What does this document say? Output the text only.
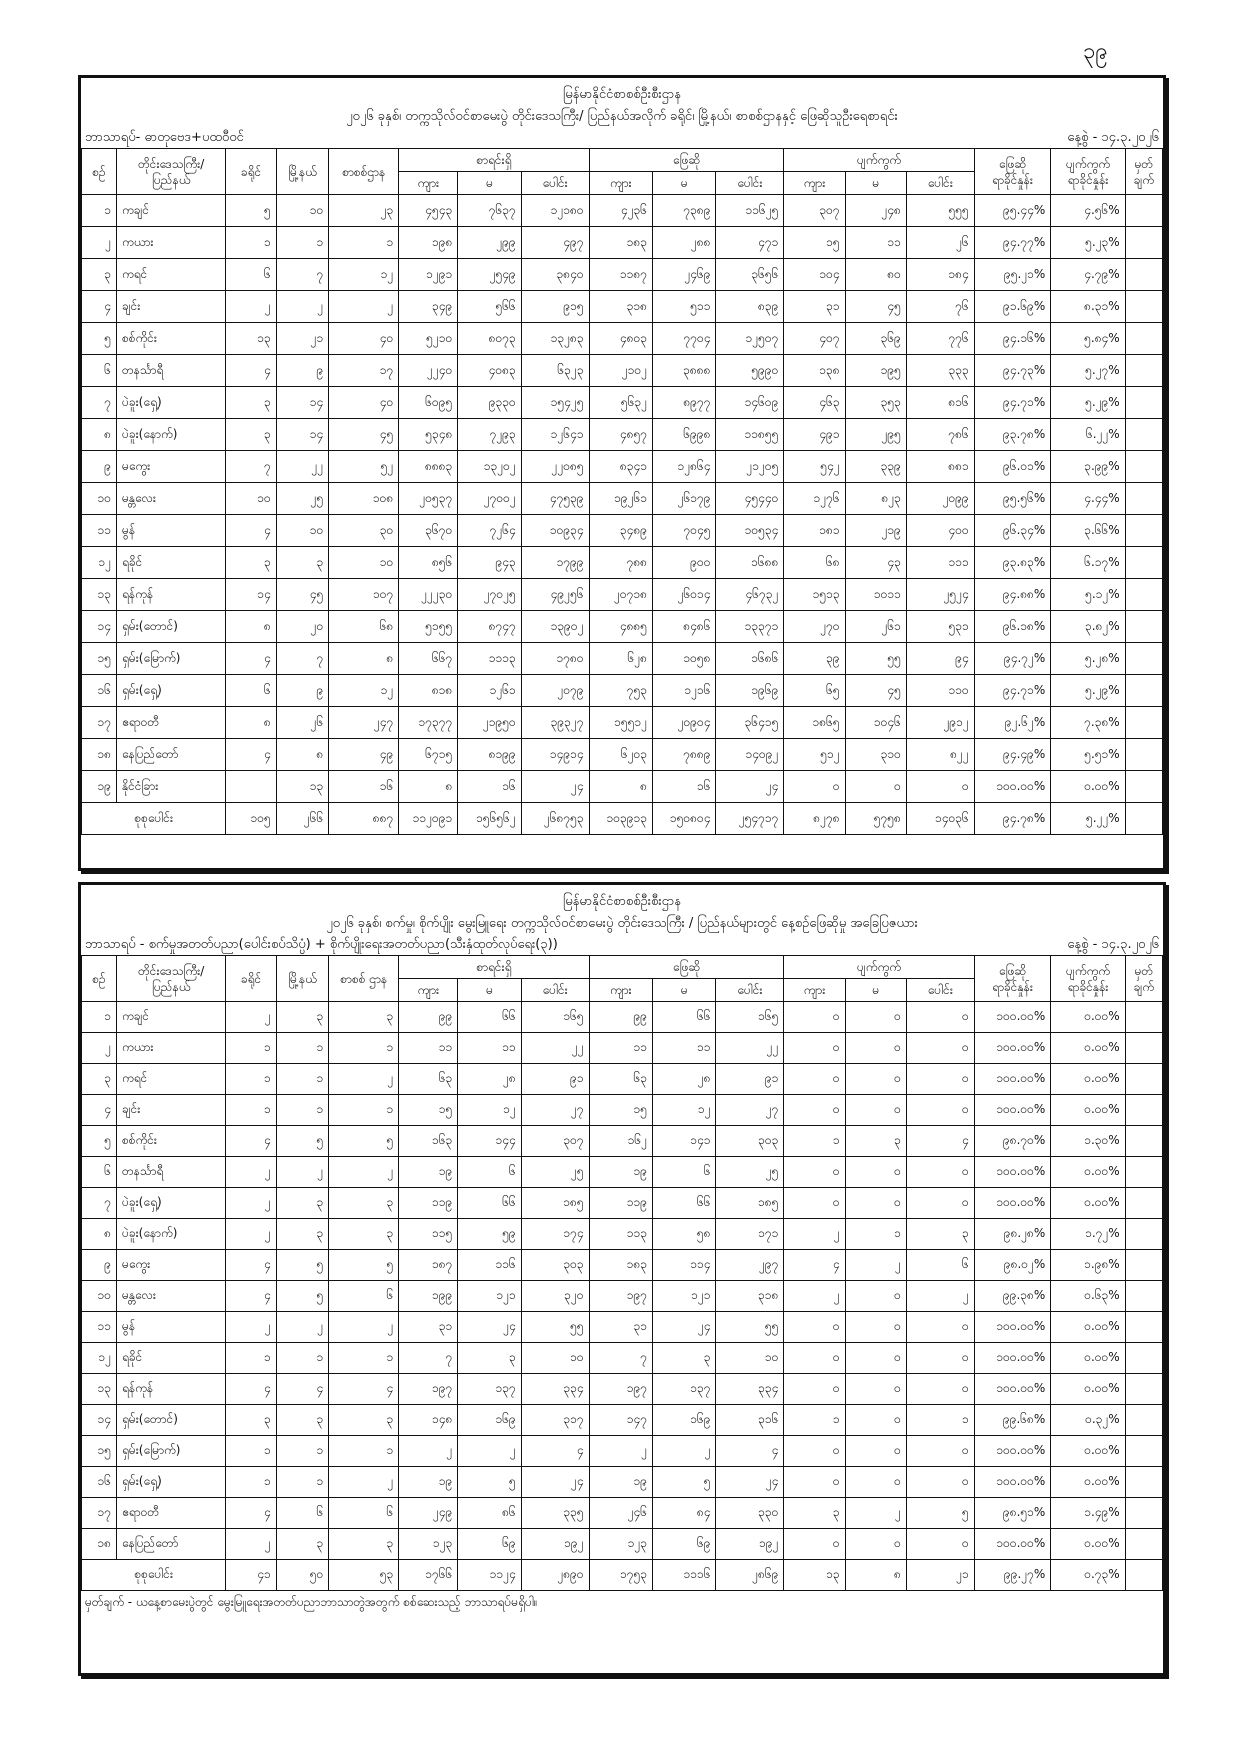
၃၉
မြန်မာနိုင်ငံစာစစ်ဦးစီးဌာန
၂၀၂၆ ခုနှစ်၊ တက္ကသိုလ်ဝင်စာမေးပွဲ တိုင်းဒေသကြီး/ ပြည်နယ်အလိုက် ခရိုင်၊ မြို့နယ်၊ စာစစ်ဌာနနှင့် ဖြေဆိုသူဦးရေစာရင်း
ဘာသာရပ်- ဓာတုဗေဒ+ပထဝီဝင်	နေ့စွဲ - ၁၄.၃.၂၀၂၆
စဉ်	တိုင်းဒေသကြီး/ ပြည်နယ်	ခရိုင်	မြို့နယ်	စာစစ်ဌာန	စာရင်းရှိ			ဖြေဆို			ပျက်ကွက်			ဖြေဆို ရာခိုင်နှုန်း	ပျက်ကွက် ရာခိုင်နှုန်း	မှတ် ချက်
					ကျား	မ	ပေါင်း	ကျား	မ	ပေါင်း	ကျား	မ	ပေါင်း			
၁	ကချင်	၅	၁၀	၂၃	၄၅၄၃	၇၆၃၇	၁၂၁၈၀	၄၂၃၆	၇၃၈၉	၁၁၆၂၅	၃၀၇	၂၄၈	၅၅၅	၉၅.၄၄%	၄.၅၆%	
၂	ကယား	၁	၁	၁	၁၉၈	၂၉၉	၄၉၇	၁၈၃	၂၈၈	၄၇၁	၁၅	၁၁	၂၆	၉၄.၇၇%	၅.၂၃%	
၃	ကရင်	၆	၇	၁၂	၁၂၉၁	၂၅၄၉	၃၈၄၀	၁၁၈၇	၂၄၆၉	၃၆၅၆	၁၀၄	၈၀	၁၈၄	၉၅.၂၁%	၄.၇၉%	
၄	ချင်း	၂	၂	၂	၃၄၉	၅၆၆	၉၁၅	၃၁၈	၅၁၁	၈၃၉	၃၁	၄၅	၇၆	၉၁.၆၉%	၈.၃၁%	
၅	စစ်ကိုင်း	၁၃	၂၁	၄၀	၅၂၁၀	၈၀၇၃	၁၃၂၈၃	၄၈၀၃	၇၇၀၄	၁၂၅၀၇	၄၀၇	၃၆၉	၇၇၆	၉၄.၁၆%	၅.၈၄%	
၆	တနင်္သာရီ	၄	၉	၁၇	၂၂၄၀	၄၀၈၃	၆၃၂၃	၂၁၀၂	၃၈၈၈	၅၉၉၀	၁၃၈	၁၉၅	၃၃၃	၉၄.၇၃%	၅.၂၇%	
၇	ပဲခူး(ရှေ့)	၃	၁၄	၄၀	၆၀၉၅	၉၃၃၀	၁၅၄၂၅	၅၆၃၂	၈၉၇၇	၁၄၆၀၉	၄၆၃	၃၅၃	၈၁၆	၉၄.၇၁%	၅.၂၉%	
၈	ပဲခူး(နောက်)	၃	၁၄	၄၅	၅၃၄၈	၇၂၉၃	၁၂၆၄၁	၄၈၅၇	၆၉၉၈	၁၁၈၅၅	၄၉၁	၂၉၅	၇၈၆	၉၃.၇၈%	၆.၂၂%	
၉	မကွေး	၇	၂၂	၅၂	၈၈၈၃	၁၃၂၀၂	၂၂၀၈၅	၈၃၄၁	၁၂၈၆၄	၂၁၂၀၅	၅၄၂	၃၃၉	၈၈၁	၉၆.၀၁%	၃.၉၉%	
၁၀	မန္တလေး	၁၀	၂၅	၁၀၈	၂၀၅၃၇	၂၇၀၀၂	၄၇၅၃၉	၁၉၂၆၁	၂၆၁၇၉	၄၅၄၄၀	၁၂၇၆	၈၂၃	၂၀၉၉	၉၅.၅၆%	၄.၄၄%	
၁၁	မွန်	၄	၁၀	၃၀	၃၆၇၀	၇၂၆၄	၁၀၉၃၄	၃၄၈၉	၇၀၄၅	၁၀၅၃၄	၁၈၁	၂၁၉	၄၀၀	၉၆.၃၄%	၃.၆၆%	
၁၂	ရခိုင်	၃	၃	၁၀	၈၅၆	၉၄၃	၁၇၉၉	၇၈၈	၉၀၀	၁၆၈၈	၆၈	၄၃	၁၁၁	၉၃.၈၃%	၆.၁၇%	
၁၃	ရန်ကုန်	၁၄	၄၅	၁၀၇	၂၂၂၃၀	၂၇၀၂၅	၄၉၂၅၆	၂၀၇၁၈	၂၆၀၁၄	၄၆၇၃၂	၁၅၁၃	၁၀၁၁	၂၅၂၄	၉၄.၈၈%	၅.၁၂%	
၁၄	ရှမ်း(တောင်)	၈	၂၀	၆၈	၅၁၅၅	၈၇၄၇	၁၃၉၀၂	၄၈၈၅	၈၄၈၆	၁၃၃၇၁	၂၇၀	၂၆၁	၅၃၁	၉၆.၁၈%	၃.၈၂%	
၁၅	ရှမ်း(မြောက်)	၄	၇	၈	၆၆၇	၁၁၁၃	၁၇၈၀	၆၂၈	၁၀၅၈	၁၆၈၆	၃၉	၅၅	၉၄	၉၄.၇၂%	၅.၂၈%	
၁၆	ရှမ်း(ရှေ့)	၆	၉	၁၂	၈၁၈	၁၂၆၁	၂၀၇၉	၇၅၃	၁၂၁၆	၁၉၆၉	၆၅	၄၅	၁၁၀	၉၄.၇၁%	၅.၂၉%	
၁၇	ဧရာဝတီ	၈	၂၆	၂၄၇	၁၇၃၇၇	၂၁၉၅၀	၃၉၃၂၇	၁၅၅၁၂	၂၀၉၀၄	၃၆၄၁၅	၁၈၆၅	၁၀၄၆	၂၉၁၂	၉၂.၆၂%	၇.၃၈%	
၁၈	နေပြည်တော်	၄	၈	၄၉	၆၇၁၅	၈၁၉၉	၁၄၉၁၄	၆၂၀၃	၇၈၈၉	၁၄၀၉၂	၅၁၂	၃၁၀	၈၂၂	၉၄.၄၉%	၅.၅၁%	
၁၉	နိုင်ငံခြား		၁၃	၁၆	၈	၁၆	၂၄	၈	၁၆	၂၄	၀	၀	၀	၁၀၀.၀၀%	၀.၀၀%	
စုစုပေါင်း		၁၀၅	၂၆၆	၈၈၇	၁၁၂၀၉၁	၁၅၆၅၆၂	၂၆၈၇၅၃	၁၀၃၉၁၃	၁၅၀၈၀၄	၂၅၄၇၁၇	၈၂၇၈	၅၇၅၈	၁၄၀၃၆	၉၄.၇၈%	၅.၂၂%	
မြန်မာနိုင်ငံစာစစ်ဦးစီးဌာန
၂၀၂၆ ခုနှစ်၊ စက်မှု၊ စိုက်ပျိုး မွေးမြူရေး တက္ကသိုလ်ဝင်စာမေးပွဲ တိုင်းဒေသကြီး / ပြည်နယ်များတွင် နေ့စဉ်ဖြေဆိုမှု အခြေပြဇယား
ဘာသာရပ် - စက်မှုအတတ်ပညာ(ပေါင်းစပ်သိပ္ပံ) + စိုက်ပျိုးရေးအတတ်ပညာ(သီးနှံထုတ်လုပ်ရေး(၃))	နေ့စွဲ - ၁၄.၃.၂၀၂၆
စဉ်	တိုင်းဒေသကြီး/ ပြည်နယ်	ခရိုင်	မြို့နယ်	စာစစ် ဌာန	စာရင်းရှိ			ဖြေဆို			ပျက်ကွက်			ဖြေဆို ရာခိုင်နှုန်း	ပျက်ကွက် ရာခိုင်နှုန်း	မှတ် ချက်
					ကျား	မ	ပေါင်း	ကျား	မ	ပေါင်း	ကျား	မ	ပေါင်း			
၁	ကချင်	၂	၃	၃	၉၉	၆၆	၁၆၅	၉၉	၆၆	၁၆၅	၀	၀	၀	၁၀၀.၀၀%	၀.၀၀%	
၂	ကယား	၁	၁	၁	၁၁	၁၁	၂၂	၁၁	၁၁	၂၂	၀	၀	၀	၁၀၀.၀၀%	၀.၀၀%	
၃	ကရင်	၁	၁	၂	၆၃	၂၈	၉၁	၆၃	၂၈	၉၁	၀	၀	၀	၁၀၀.၀၀%	၀.၀၀%	
၄	ချင်း	၁	၁	၁	၁၅	၁၂	၂၇	၁၅	၁၂	၂၇	၀	၀	၀	၁၀၀.၀၀%	၀.၀၀%	
၅	စစ်ကိုင်း	၄	၅	၅	၁၆၃	၁၄၄	၃၀၇	၁၆၂	၁၄၁	၃၀၃	၁	၃	၄	၉၈.၇၀%	၁.၃၀%	
၆	တနင်္သာရီ	၂	၂	၂	၁၉	၆	၂၅	၁၉	၆	၂၅	၀	၀	၀	၁၀၀.၀၀%	၀.၀၀%	
၇	ပဲခူး(ရှေ့)	၂	၃	၃	၁၁၉	၆၆	၁၈၅	၁၁၉	၆၆	၁၈၅	၀	၀	၀	၁၀၀.၀၀%	၀.၀၀%	
၈	ပဲခူး(နောက်)	၂	၃	၃	၁၁၅	၅၉	၁၇၄	၁၁၃	၅၈	၁၇၁	၂	၁	၃	၉၈.၂၈%	၁.၇၂%	
၉	မကွေး	၄	၅	၅	၁၈၇	၁၁၆	၃၀၃	၁၈၃	၁၁၄	၂၉၇	၄	၂	၆	၉၈.၀၂%	၁.၉၈%	
၁၀	မန္တလေး	၄	၅	၆	၁၉၉	၁၂၁	၃၂၀	၁၉၇	၁၂၁	၃၁၈	၂	၀	၂	၉၉.၃၈%	၀.၆၃%	
၁၁	မွန်	၂	၂	၂	၃၁	၂၄	၅၅	၃၁	၂၄	၅၅	၀	၀	၀	၁၀၀.၀၀%	၀.၀၀%	
၁၂	ရခိုင်	၁	၁	၁	၇	၃	၁၀	၇	၃	၁၀	၀	၀	၀	၁၀၀.၀၀%	၀.၀၀%	
၁၃	ရန်ကုန်	၄	၄	၄	၁၉၇	၁၃၇	၃၃၄	၁၉၇	၁၃၇	၃၃၄	၀	၀	၀	၁၀၀.၀၀%	၀.၀၀%	
၁၄	ရှမ်း(တောင်)	၃	၃	၃	၁၄၈	၁၆၉	၃၁၇	၁၄၇	၁၆၉	၃၁၆	၁	၀	၁	၉၉.၆၈%	၀.၃၂%	
၁၅	ရှမ်း(မြောက်)	၁	၁	၁	၂	၂	၄	၂	၂	၄	၀	၀	၀	၁၀၀.၀၀%	၀.၀၀%	
၁၆	ရှမ်း(ရှေ့)	၁	၁	၂	၁၉	၅	၂၄	၁၉	၅	၂၄	၀	၀	၀	၁၀၀.၀၀%	၀.၀၀%	
၁၇	ဧရာဝတီ	၄	၆	၆	၂၄၉	၈၆	၃၃၅	၂၄၆	၈၄	၃၃၀	၃	၂	၅	၉၈.၅၁%	၁.၄၉%	
၁၈	နေပြည်တော်	၂	၃	၃	၁၂၃	၆၉	၁၉၂	၁၂၃	၆၉	၁၉၂	၀	၀	၀	၁၀၀.၀၀%	၀.၀၀%	
စုစုပေါင်း		၄၁	၅၀	၅၃	၁၇၆၆	၁၁၂၄	၂၈၉၀	၁၇၅၃	၁၁၁၆	၂၈၆၉	၁၃	၈	၂၁	၉၉.၂၇%	၀.၇၃%	
မှတ်ချက် - ယနေ့စာမေးပွဲတွင် မွေးမြူရေးအတတ်ပညာဘာသာတွဲအတွက် စစ်ဆေးသည့် ဘာသာရပ်မရှိပါ။
